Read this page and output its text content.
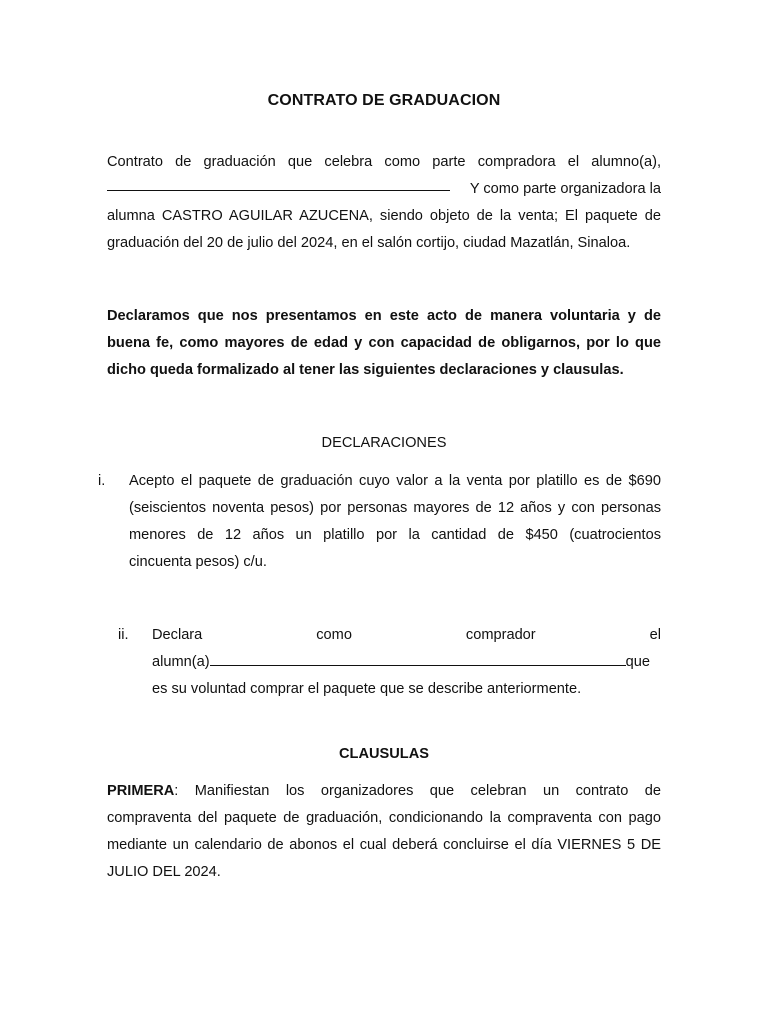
CONTRATO DE GRADUACION
Contrato de graduación que celebra como parte compradora el alumno(a),
Y como parte organizadora la
alumna CASTRO AGUILAR AZUCENA, siendo objeto de la venta; El paquete de
graduación del 20 de julio del 2024, en el salón cortijo, ciudad Mazatlán, Sinaloa.
Declaramos que nos presentamos en este acto de manera voluntaria y de
buena fe, como mayores de edad y con capacidad de obligarnos, por lo que
dicho queda formalizado al tener las siguientes declaraciones y clausulas.
DECLARACIONES
i. Acepto el paquete de graduación cuyo valor a la venta por platillo es de $690
(seiscientos noventa pesos) por personas mayores de 12 años y con personas
menores de 12 años un platillo por la cantidad de $450 (cuatrocientos
cincuenta pesos) c/u.
ii. Declara como comprador el
alumn(a)	que
es su voluntad comprar el paquete que se describe anteriormente.
CLAUSULAS
PRIMERA: Manifiestan los organizadores que celebran un contrato de
compraventa del paquete de graduación, condicionando la compraventa con pago
mediante un calendario de abonos el cual deberá concluirse el día VIERNES 5 DE
JULIO DEL 2024.
